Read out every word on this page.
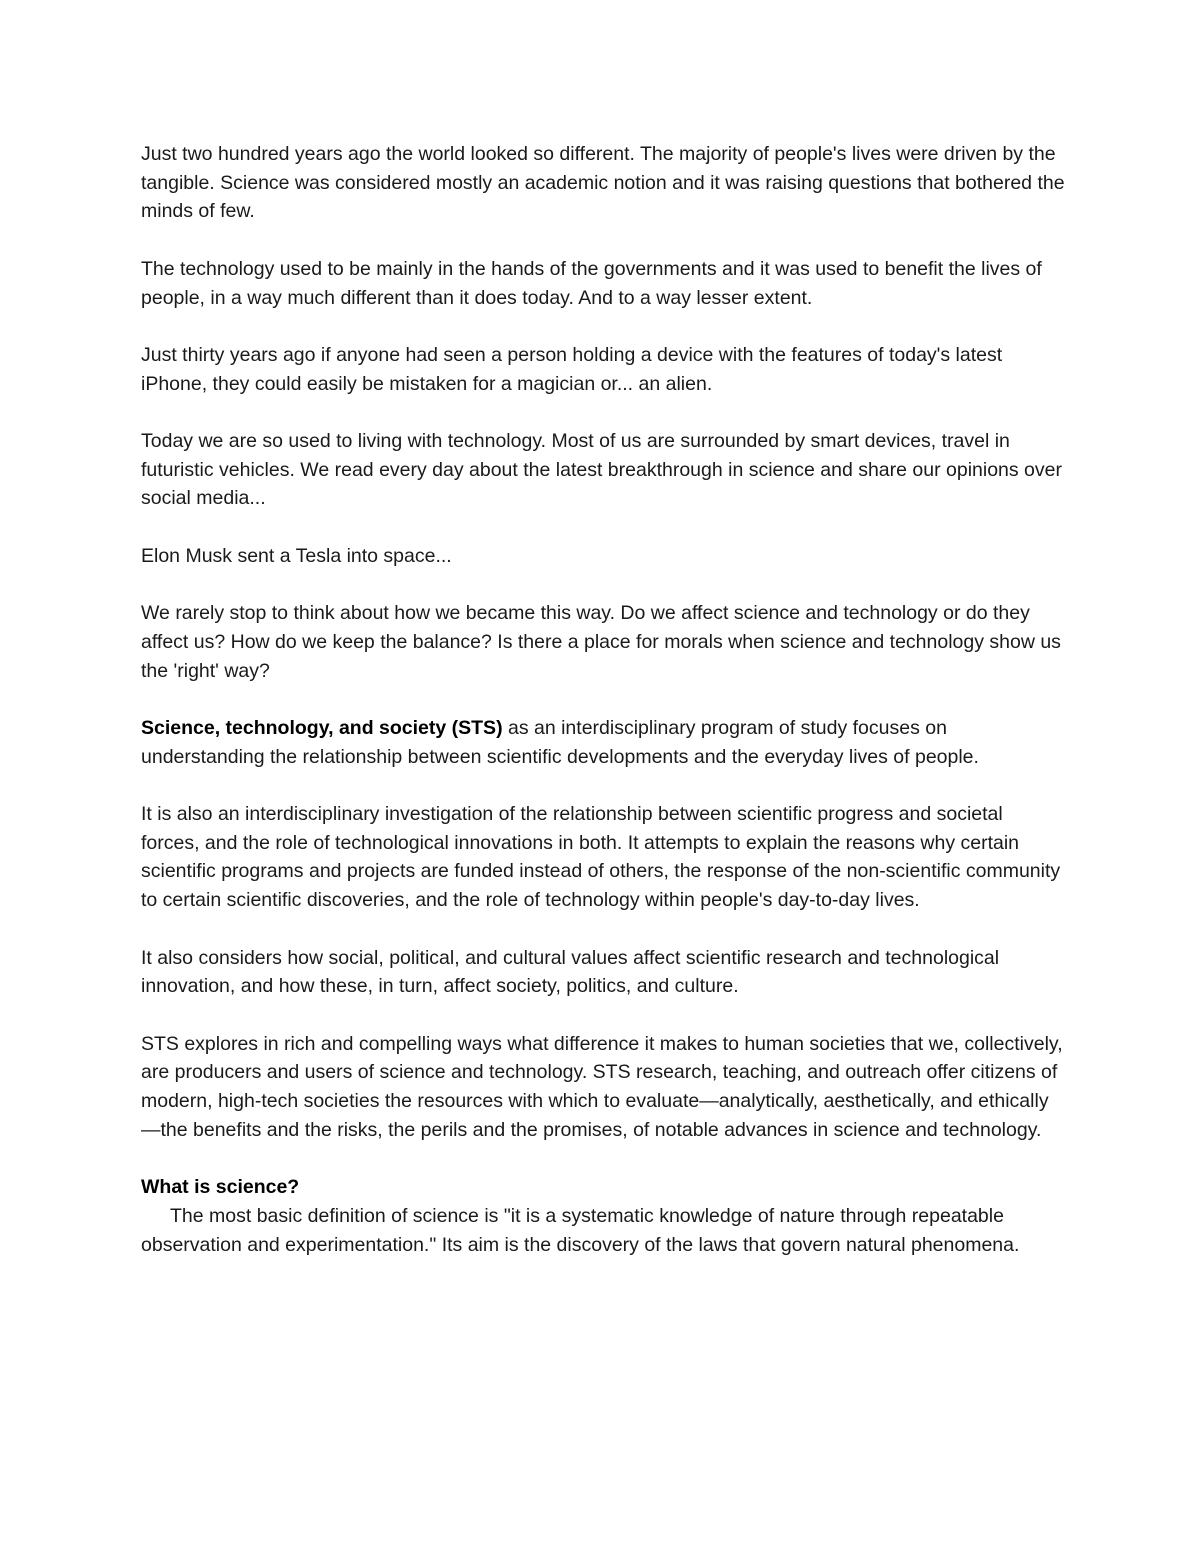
Just two hundred years ago the world looked so different. The majority of people's lives were driven by the tangible. Science was considered mostly an academic notion and it was raising questions that bothered the minds of few.

The technology used to be mainly in the hands of the governments and it was used to benefit the lives of people, in a way much different than it does today. And to a way lesser extent.

Just thirty years ago if anyone had seen a person holding a device with the features of today's latest iPhone, they could easily be mistaken for a magician or... an alien.

Today we are so used to living with technology. Most of us are surrounded by smart devices, travel in futuristic vehicles. We read every day about the latest breakthrough in science and share our opinions over social media...

Elon Musk sent a Tesla into space...

We rarely stop to think about how we became this way. Do we affect science and technology or do they affect us? How do we keep the balance? Is there a place for morals when science and technology show us the 'right' way?

Science, technology, and society (STS) as an interdisciplinary program of study focuses on understanding the relationship between scientific developments and the everyday lives of people.

It is also an interdisciplinary investigation of the relationship between scientific progress and societal forces, and the role of technological innovations in both. It attempts to explain the reasons why certain scientific programs and projects are funded instead of others, the response of the non-scientific community to certain scientific discoveries, and the role of technology within people's day-to-day lives.

It also considers how social, political, and cultural values affect scientific research and technological innovation, and how these, in turn, affect society, politics, and culture.

STS explores in rich and compelling ways what difference it makes to human societies that we, collectively, are producers and users of science and technology. STS research, teaching, and outreach offer citizens of modern, high-tech societies the resources with which to evaluate—analytically, aesthetically, and ethically—the benefits and the risks, the perils and the promises, of notable advances in science and technology.

What is science?

The most basic definition of science is "it is a systematic knowledge of nature through repeatable observation and experimentation." Its aim is the discovery of the laws that govern natural phenomena.
